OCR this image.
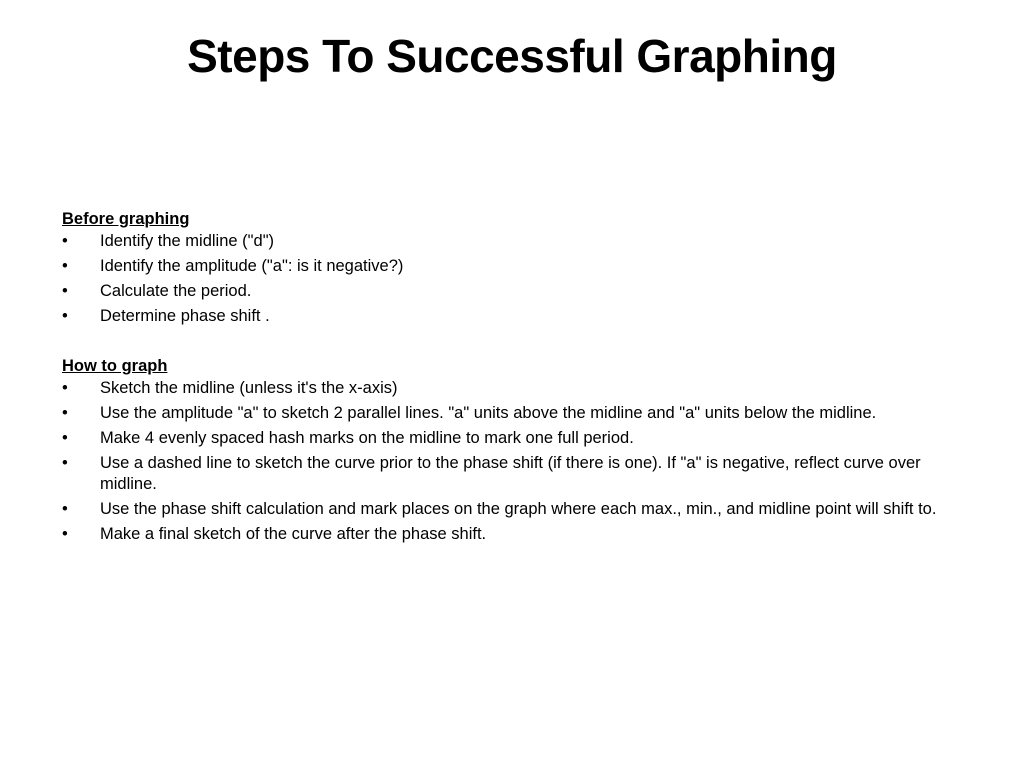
Steps To Successful Graphing
Before graphing
•	Identify the midline ("d")
•	Identify the amplitude ("a": is it negative?)
•	Calculate the period.
•	Determine phase shift .
How to graph
•	Sketch the midline (unless it's the x-axis)
•	Use the amplitude "a" to sketch 2 parallel lines. "a" units above the midline and "a" units below the midline.
•	Make 4 evenly spaced hash marks on the midline to mark one full period.
•	Use a dashed line to sketch the curve prior to the phase shift (if there is one). If "a" is negative, reflect curve over midline.
•	Use the phase shift calculation and mark places on the graph where each max., min., and midline point will shift to.
•	Make a final sketch of the curve after the phase shift.
